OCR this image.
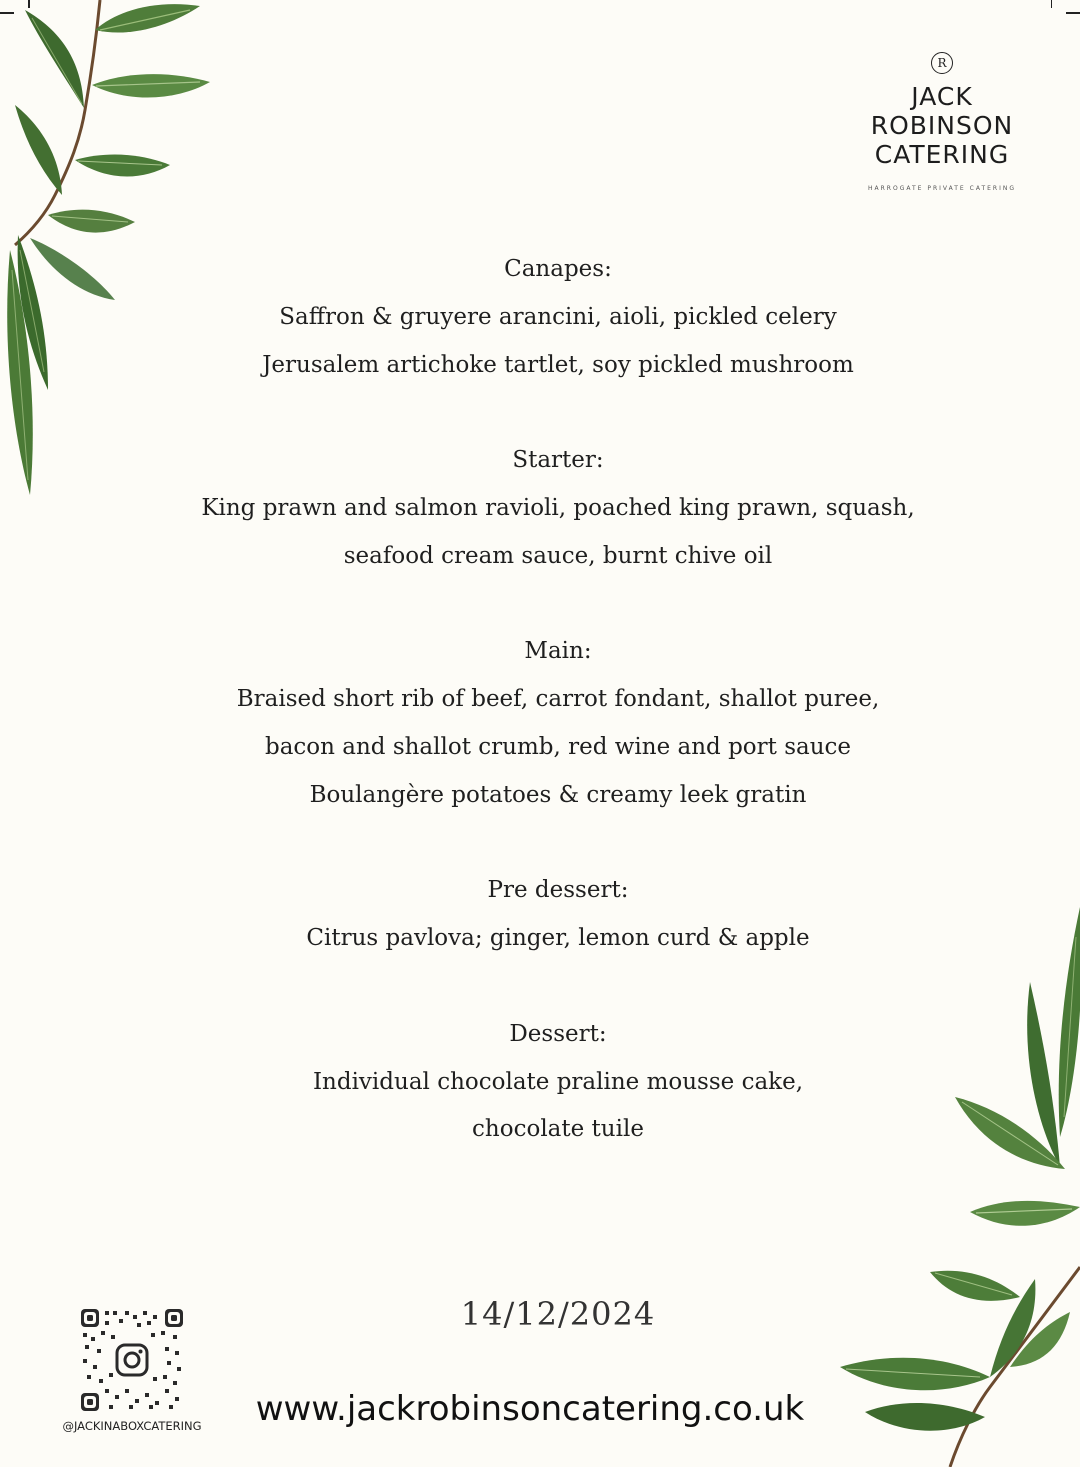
R
JACK
ROBINSON
CATERING
HARROGATE PRIVATE CATERING
Canapes:
Saffron & gruyere arancini, aioli, pickled celery
Jerusalem artichoke tartlet, soy pickled mushroom
Starter:
King prawn and salmon ravioli, poached king prawn, squash,
seafood cream sauce, burnt chive oil
Main:
Braised short rib of beef, carrot fondant, shallot puree,
bacon and shallot crumb, red wine and port sauce
Boulangère potatoes & creamy leek gratin
Pre dessert:
Citrus pavlova; ginger, lemon curd & apple
Dessert:
Individual chocolate praline mousse cake,
chocolate tuile
14/12/2024
www.jackrobinsoncatering.co.uk
@JACKINABOXCATERING
